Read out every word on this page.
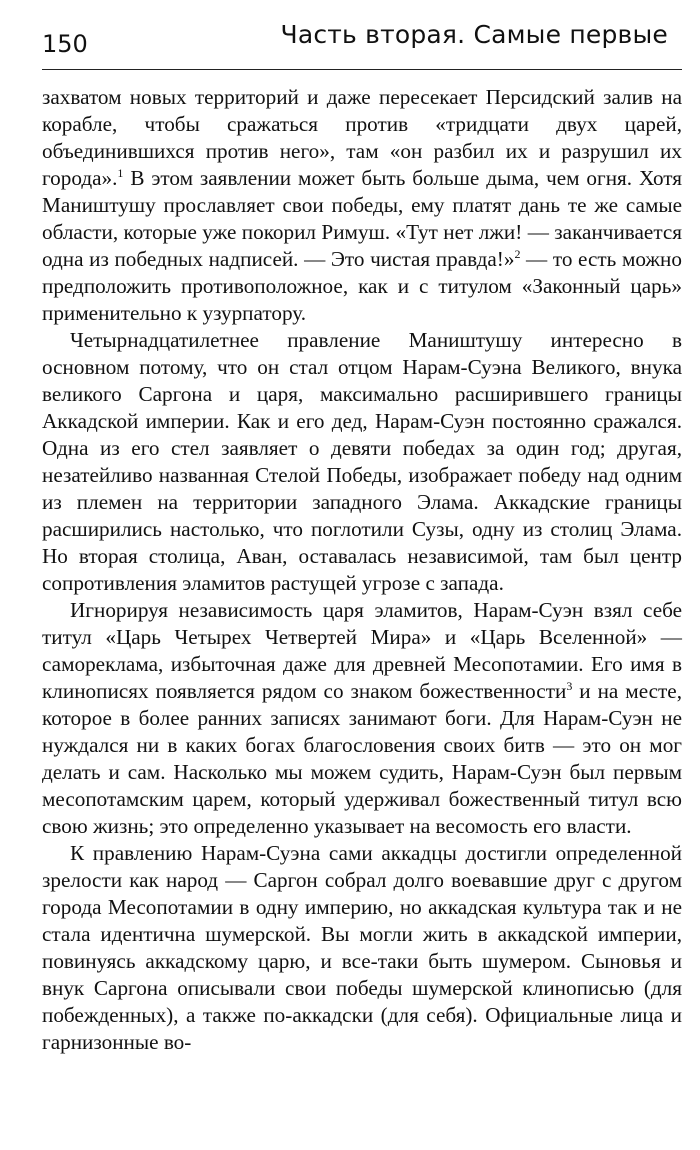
150	Часть вторая. Самые первые

захватом новых территорий и даже пересекает Персидский залив на корабле, чтобы сражаться против «тридцати двух царей, объединившихся против него», там «он разбил их и разрушил их города».$^1$ В этом заявлении может быть больше дыма, чем огня. Хотя Маништушу прославляет свои победы, ему платят дань те же самые области, которые уже покорил Римуш. «Тут нет лжи! — заканчивается одна из победных надписей. — Это чистая правда!»$^2$ — то есть можно предположить противоположное, как и с титулом «Законный царь» применительно к узурпатору.

Четырнадцатилетнее правление Маништушу интересно в основном потому, что он стал отцом Нарам-Суэна Великого, внука великого Саргона и царя, максимально расширившего границы Аккадской империи. Как и его дед, Нарам-Суэн постоянно сражался. Одна из его стел заявляет о девяти победах за один год; другая, незатейливо названная Стелой Победы, изображает победу над одним из племен на территории западного Элама. Аккадские границы расширились настолько, что поглотили Сузы, одну из столиц Элама. Но вторая столица, Аван, оставалась независимой, там был центр сопротивления эламитов растущей угрозе с запада.

Игнорируя независимость царя эламитов, Нарам-Суэн взял себе титул «Царь Четырех Четвертей Мира» и «Царь Вселенной» — самореклама, избыточная даже для древней Месопотамии. Его имя в клинописях появляется рядом со знаком божественности$^3$ и на месте, которое в более ранних записях занимают боги. Для Нарам-Суэн не нуждался ни в каких богах благословения своих битв — это он мог делать и сам. Насколько мы можем судить, Нарам-Суэн был первым месопотамским царем, который удерживал божественный титул всю свою жизнь; это определенно указывает на весомость его власти.

К правлению Нарам-Суэна сами аккадцы достигли определенной зрелости как народ — Саргон собрал долго воевавшие друг с другом города Месопотамии в одну империю, но аккадская культура так и не стала идентична шумерской. Вы могли жить в аккадской империи, повинуясь аккадскому царю, и все-таки быть шумером. Сыновья и внук Саргона описывали свои победы шумерской клинописью (для побежденных), а также по-аккадски (для себя). Официальные лица и гарнизонные во-
